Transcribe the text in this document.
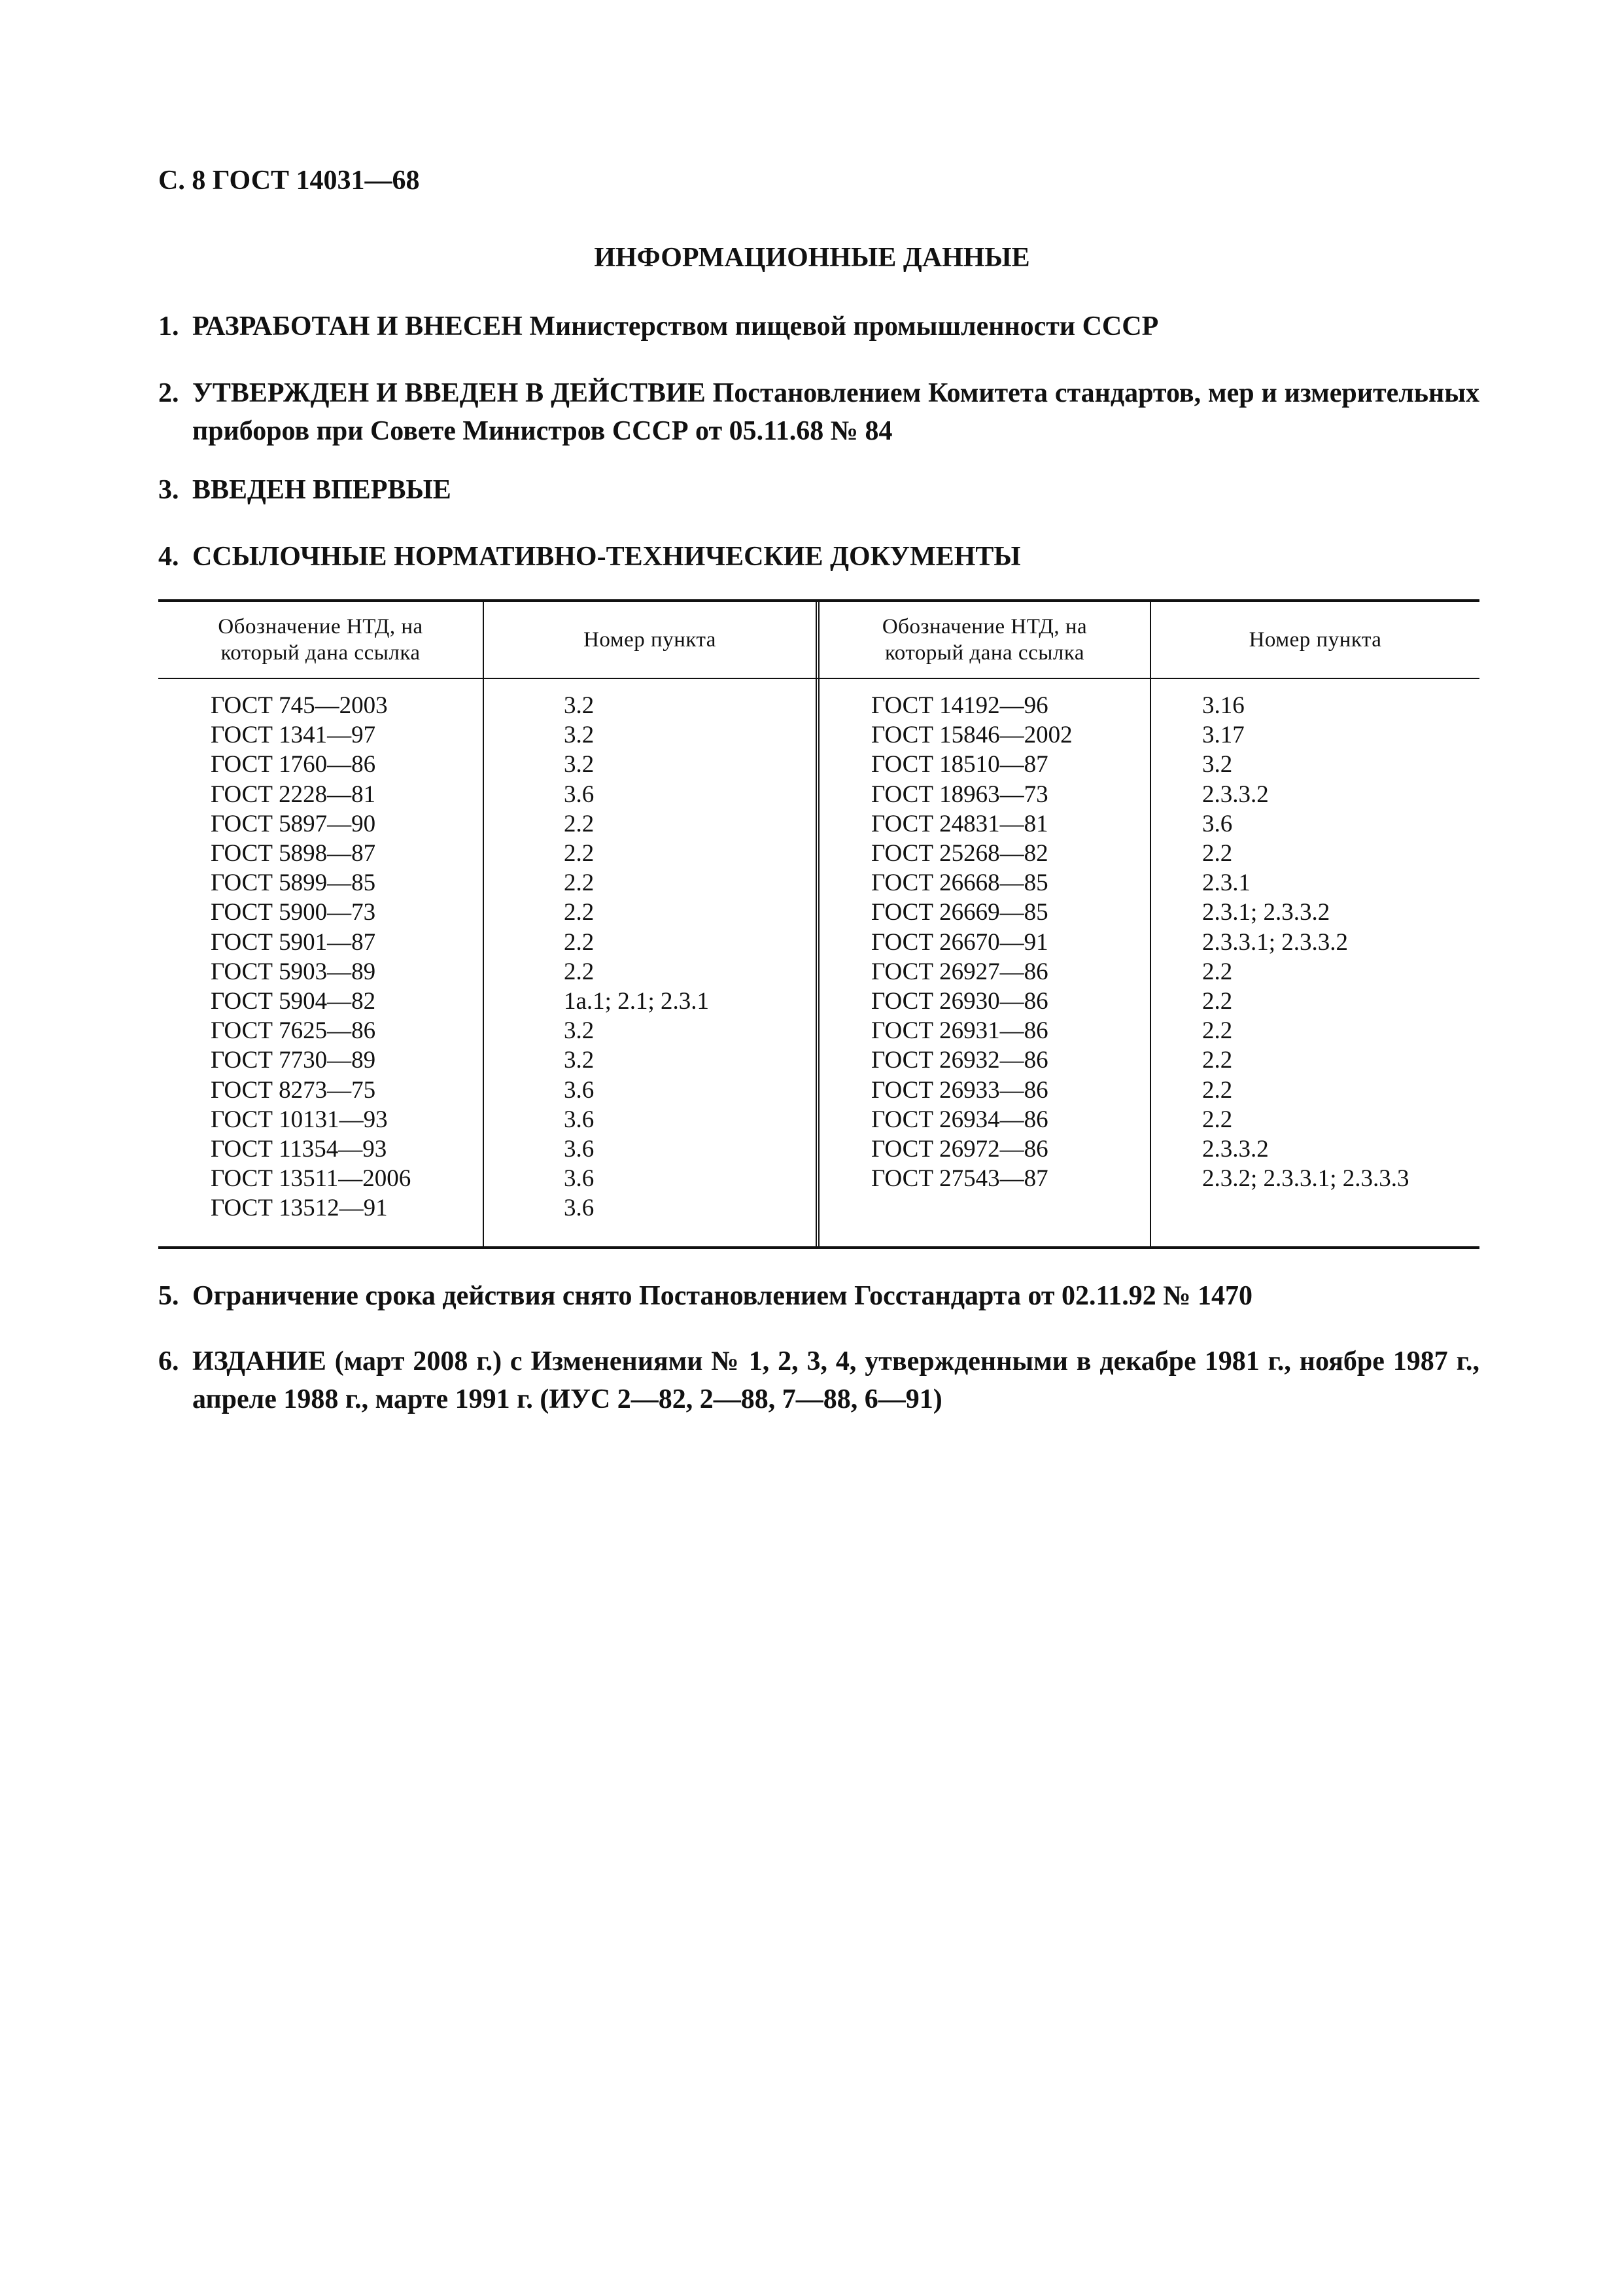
С. 8 ГОСТ 14031—68
ИНФОРМАЦИОННЫЕ ДАННЫЕ
1. РАЗРАБОТАН И ВНЕСЕН Министерством пищевой промышленности СССР
2. УТВЕРЖДЕН И ВВЕДЕН В ДЕЙСТВИЕ Постановлением Комитета стандартов, мер и измерительных приборов при Совете Министров СССР от 05.11.68 № 84
3. ВВЕДЕН ВПЕРВЫЕ
4. ССЫЛОЧНЫЕ НОРМАТИВНО-ТЕХНИЧЕСКИЕ ДОКУМЕНТЫ
Обозначение НТД, на который дана ссылка
Номер пункта
Обозначение НТД, на который дана ссылка
Номер пункта
ГОСТ 745—2003
ГОСТ 1341—97
ГОСТ 1760—86
ГОСТ 2228—81
ГОСТ 5897—90
ГОСТ 5898—87
ГОСТ 5899—85
ГОСТ 5900—73
ГОСТ 5901—87
ГОСТ 5903—89
ГОСТ 5904—82
ГОСТ 7625—86
ГОСТ 7730—89
ГОСТ 8273—75
ГОСТ 10131—93
ГОСТ 11354—93
ГОСТ 13511—2006
ГОСТ 13512—91
3.2
3.2
3.2
3.6
2.2
2.2
2.2
2.2
2.2
2.2
1а.1; 2.1; 2.3.1
3.2
3.2
3.6
3.6
3.6
3.6
3.6
ГОСТ 14192—96
ГОСТ 15846—2002
ГОСТ 18510—87
ГОСТ 18963—73
ГОСТ 24831—81
ГОСТ 25268—82
ГОСТ 26668—85
ГОСТ 26669—85
ГОСТ 26670—91
ГОСТ 26927—86
ГОСТ 26930—86
ГОСТ 26931—86
ГОСТ 26932—86
ГОСТ 26933—86
ГОСТ 26934—86
ГОСТ 26972—86
ГОСТ 27543—87
3.16
3.17
3.2
2.3.3.2
3.6
2.2
2.3.1
2.3.1; 2.3.3.2
2.3.3.1; 2.3.3.2
2.2
2.2
2.2
2.2
2.2
2.2
2.3.3.2
2.3.2; 2.3.3.1; 2.3.3.3
5. Ограничение срока действия снято Постановлением Госстандарта от 02.11.92 № 1470
6. ИЗДАНИЕ (март 2008 г.) с Изменениями № 1, 2, 3, 4, утвержденными в декабре 1981 г., ноябре 1987 г., апреле 1988 г., марте 1991 г. (ИУС 2—82, 2—88, 7—88, 6—91)
